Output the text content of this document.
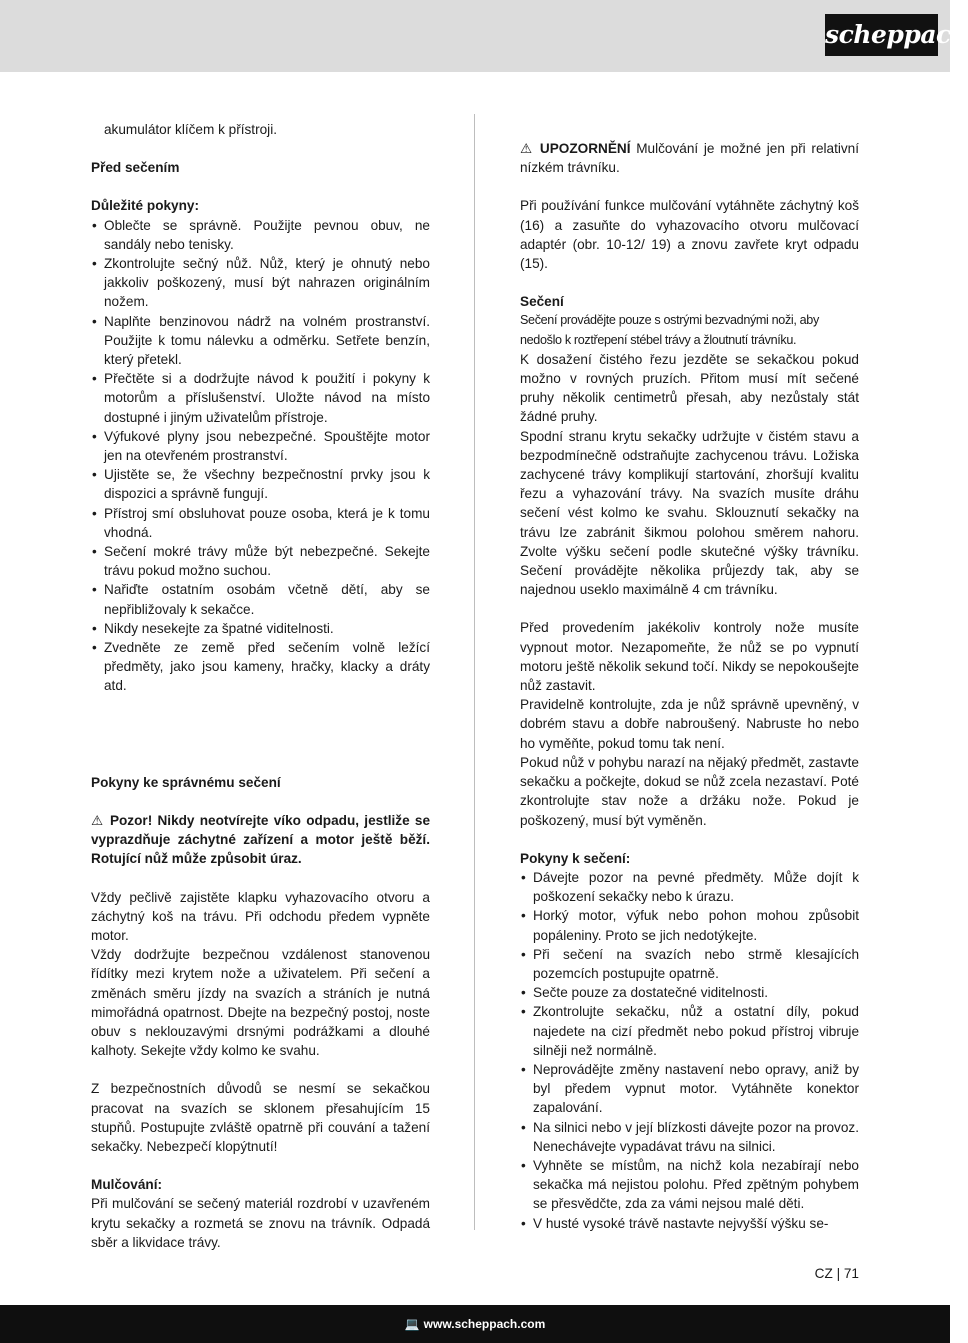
scheppach

akumulátor klíčem k přístroji.

Před sečením

Důležité pokyny:

• Oblečte se správně. Použijte pevnou obuv, ne sandály nebo tenisky.
• Zkontrolujte sečný nůž. Nůž, který je ohnutý nebo jakkoliv poškozený, musí být nahrazen originálním nožem.
• Naplňte benzinovou nádrž na volném prostranství. Použijte k tomu nálevku a odměrku. Setřete benzín, který přetekl.
• Přečtěte si a dodržujte návod k použití i pokyny k motorům a příslušenství. Uložte návod na místo dostupné i jiným uživatelům přístroje.
• Výfukové plyny jsou nebezpečné. Spouštějte motor jen na otevřeném prostranství.
• Ujistěte se, že všechny bezpečnostní prvky jsou k dispozici a správně fungují.
• Přístroj smí obsluhovat pouze osoba, která je k tomu vhodná.
• Sečení mokré trávy může být nebezpečné. Sekejte trávu pokud možno suchou.
• Nařiďte ostatním osobám včetně dětí, aby se nepřibližovaly k sekačce.
• Nikdy nesekejte za špatné viditelnosti.
• Zvedněte ze země před sečením volně ležící předměty, jako jsou kameny, hračky, klacky a dráty atd.

Pokyny ke správnému sečení

⚠ Pozor! Nikdy neotvírejte víko odpadu, jestliže se vyprazdňuje záchytné zařízení a motor ještě běží. Rotující nůž může způsobit úraz.

Vždy pečlivě zajistěte klapku vyhazovacího otvoru a záchytný koš na trávu. Při odchodu předem vypněte motor.

Vždy dodržujte bezpečnou vzdálenost stanovenou řídítky mezi krytem nože a uživatelem. Při sečení a změnách směru jízdy na svazích a stráních je nutná mimořádná opatrnost. Dbejte na bezpečný postoj, noste obuv s neklouzavými drsnými podrážkami a dlouhé kalhoty. Sekejte vždy kolmo ke svahu.

Z bezpečnostních důvodů se nesmí se sekačkou pracovat na svazích se sklonem přesahujícím 15 stupňů. Postupujte zvláště opatrně při couvání a tažení sekačky. Nebezpečí klopýtnutí!

Mulčování:

Při mulčování se sečený materiál rozdrobí v uzavřeném krytu sekačky a rozmetá se znovu na trávník. Odpadá sběr a likvidace trávy.

⚠ UPOZORNĚNÍ Mulčování je možné jen při relativní nízkém trávníku.

Při používání funkce mulčování vytáhněte záchytný koš (16) a zasuňte do vyhazovacího otvoru mulčovací adaptér (obr. 10-12/ 19) a znovu zavřete kryt odpadu (15).

Sečení

Sečení provádějte pouze s ostrými bezvadnými noži, aby nedošlo k roztřepení stébel trávy a žloutnutí trávníku.

K dosažení čistého řezu jezděte se sekačkou pokud možno v rovných pruzích. Přitom musí mít sečené pruhy několik centimetrů přesah, aby nezůstaly stát žádné pruhy.

Spodní stranu krytu sekačky udržujte v čistém stavu a bezpodmínečně odstraňujte zachycenou trávu. Ložiska zachycené trávy komplikují startování, zhoršují kvalitu řezu a vyhazování trávy. Na svazích musíte dráhu sečení vést kolmo ke svahu. Sklouznutí sekačky na trávu lze zabránit šikmou polohou směrem nahoru. Zvolte výšku sečení podle skutečné výšky trávníku. Sečení provádějte několika průjezdy tak, aby se najednou useklo maximálně 4 cm trávníku.

Před provedením jakékoliv kontroly nože musíte vypnout motor. Nezapomeňte, že nůž se po vypnutí motoru ještě několik sekund točí. Nikdy se nepokoušejte nůž zastavit.

Pravidelně kontrolujte, zda je nůž správně upevněný, v dobrém stavu a dobře nabroušený. Nabruste ho nebo ho vyměňte, pokud tomu tak není.

Pokud nůž v pohybu narazí na nějaký předmět, zastavte sekačku a počkejte, dokud se nůž zcela nezastaví. Poté zkontrolujte stav nože a držáku nože. Pokud je poškozený, musí být vyměněn.

Pokyny k sečení:

• Dávejte pozor na pevné předměty. Může dojít k poškození sekačky nebo k úrazu.
• Horký motor, výfuk nebo pohon mohou způsobit popáleniny. Proto se jich nedotýkejte.
• Při sečení na svazích nebo strmě klesajících pozemcích postupujte opatrně.
• Sečte pouze za dostatečné viditelnosti.
• Zkontrolujte sekačku, nůž a ostatní díly, pokud najedete na cizí předmět nebo pokud přístroj vibruje silněji než normálně.
• Neprovádějte změny nastavení nebo opravy, aniž by byl předem vypnut motor. Vytáhněte konektor zapalování.
• Na silnici nebo v její blízkosti dávejte pozor na provoz. Nenechávejte vypadávat trávu na silnici.
• Vyhněte se místům, na nichž kola nezabírají nebo sekačka má nejistou polohu. Před zpětným pohybem se přesvědčte, zda za vámi nejsou malé děti.
• V husté vysoké trávě nastavte nejvyšší výšku se-
CZ | 71
💻 www.scheppach.com
